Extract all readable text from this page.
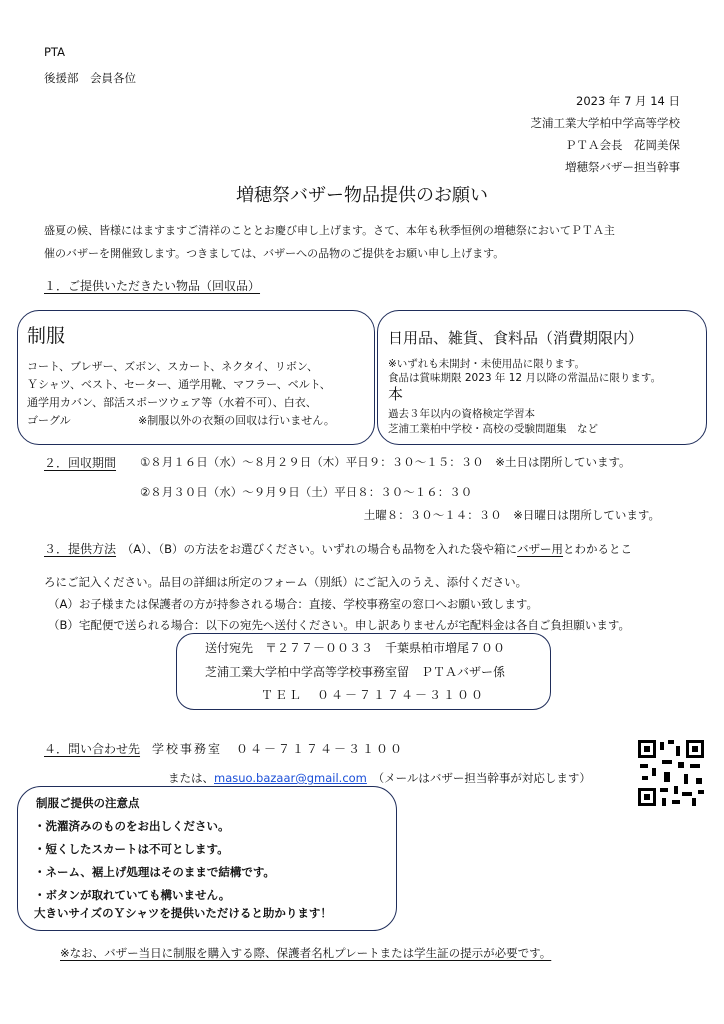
PTA
後援部　会員各位
2023 年 7 月 14 日
芝浦工業大学柏中学高等学校
ＰＴＡ会長　花岡美保
増穂祭バザー担当幹事
増穂祭バザー物品提供のお願い
盛夏の候、皆様にはますますご清祥のこととお慶び申し上げます。さて、本年も秋季恒例の増穂祭においてＰＴＡ主
催のバザーを開催致します。つきましては、バザーへの品物のご提供をお願い申し上げます。
１．ご提供いただきたい物品（回収品）
制服
コート、ブレザー、ズボン、スカート、ネクタイ、リボン、
Ｙシャツ、ベスト、セーター、通学用靴、マフラー、ベルト、
通学用カバン、部活スポーツウェア等（水着不可）、白衣、
ゴーグル	※制服以外の衣類の回収は行いません。
日用品、雑貨、食料品（消費期限内）
※いずれも未開封・未使用品に限ります。
食品は賞味期限 2023 年 12 月以降の常温品に限ります。
本
過去３年以内の資格検定学習本
芝浦工業柏中学校・高校の受験問題集　など
２．回収期間 ①８月１６日（水）～８月２９日（木）平日９：３０～１５：３０　※土日は閉所しています。
②８月３０日（水）～９月９日（土）平日８：３０～１６：３０
土曜８：３０～１４：３０　※日曜日は閉所しています。
３．提供方法　 （A）、（B）の方法をお選びください。いずれの場合も品物を入れた袋や箱にバザー用とわかるとこ
ろにご記入ください。品目の詳細は所定のフォーム（別紙）にご記入のうえ、添付ください。
（A）お子様または保護者の方が持参される場合：直接、学校事務室の窓口へお願い致します。
（B）宅配便で送られる場合：以下の宛先へ送付ください。申し訳ありませんが宅配料金は各自ご負担願います。
送付宛先　〒２７７－００３３　千葉県柏市増尾７００
芝浦工業大学柏中学高等学校事務室留　ＰＴＡバザー係
ＴＥＬ　０４－７１７４－３１００
４．問い合わせ先　 学校事務室　０４－７１７４－３１００
または、masuo.bazaar@gmail.com　 （メールはバザー担当幹事が対応します）
制服ご提供の注意点
・洗濯済みのものをお出しください。
・短くしたスカートは不可とします。
・ネーム、裾上げ処理はそのままで結構です。
・ボタンが取れていても構いません。
大きいサイズのＹシャツを提供いただけると助かります！
※なお、バザー当日に制服を購入する際、保護者名札プレートまたは学生証の提示が必要です。
